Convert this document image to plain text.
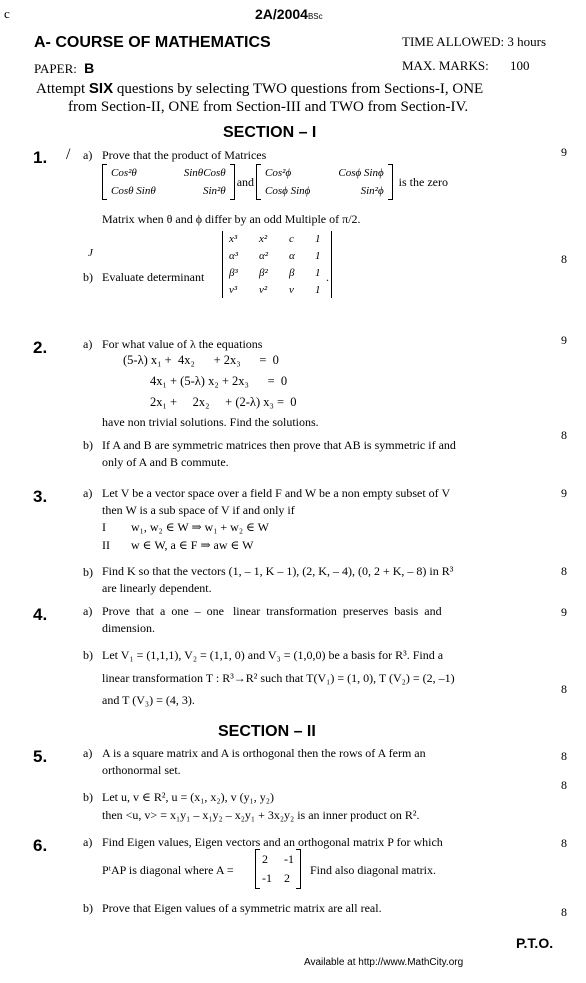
c	2A/2004BSc
A- COURSE OF MATHEMATICS	TIME ALLOWED: 3 hours
PAPER: B	MAX. MARKS: 100
Attempt SIX questions by selecting TWO questions from Sections-I, ONE
from Section-II, ONE from Section-III and TWO from Section-IV.
SECTION – I
1. / a) Prove that the product of Matrices	9
Cos²θ	SinθCosθ
Cosθ Sinθ	Sin²θ
and
Cos²ϕ	Cosϕ Sinϕ
Cosϕ Sinϕ	Sin²ϕ
is the zero
Matrix when θ and ϕ differ by an odd Multiple of π/2.
J
b) Evaluate determinant
x³	x²	c	1
α³	α²	α	1
β³	β²	β	1
ν³	ν²	ν	1
.
8
2.	a) For what value of λ the equations	9
(5-λ) x₁ +  4x₂      + 2x₃      =  0
4x₁ + (5-λ) x₂ + 2x₃      =  0
2x₁ +     2x₂     + (2-λ) x₃ =  0
have non trivial solutions. Find the solutions.
b) If A and B are symmetric matrices then prove that AB is symmetric if and
only of A and B commute.
8
3.	a) Let V be a vector space over a field F and W be a non empty subset of V
then W is a sub space of V if and only if
I w₁, w₂ ∈ W ⇒ w₁ + w₂ ∈ W
II w ∈ W, a ∈ F ⇒ aw ∈ W
9
b) Find K so that the vectors (1, – 1, K – 1), (2, K, – 4), (0, 2 + K, – 8) in R³
are linearly dependent.
8
4.	a) Prove  that  a  one  –  one   linear  transformation  preserves  basis  and
dimension.
9
b) Let V₁ = (1,1,1), V₂ = (1,1, 0) and V₃ = (1,0,0) be a basis for R³. Find a
linear transformation T : R³→R² such that T(V₁) = (1, 0), T (V₂) = (2, –1)
and T (V₃) = (4, 3).
8
SECTION – II
5.	a) A is a square matrix and A is orthogonal then the rows of A ferm an
orthonormal set.
8
b) Let u, v ∈ R², u = (x₁, x₂), v (y₁, y₂)
then <u, v> = x₁y₁ – x₁y₂ – x₂y₁ + 3x₂y₂ is an inner product on R².
8
6.	a) Find Eigen values, Eigen vectors and an orthogonal matrix P for which	8
PᵗAP is diagonal where A =
2	-1
-1 2
Find also diagonal matrix.
b) Prove that Eigen values of a symmetric matrix are all real.	8
P.T.O.
Available at http://www.MathCity.org
